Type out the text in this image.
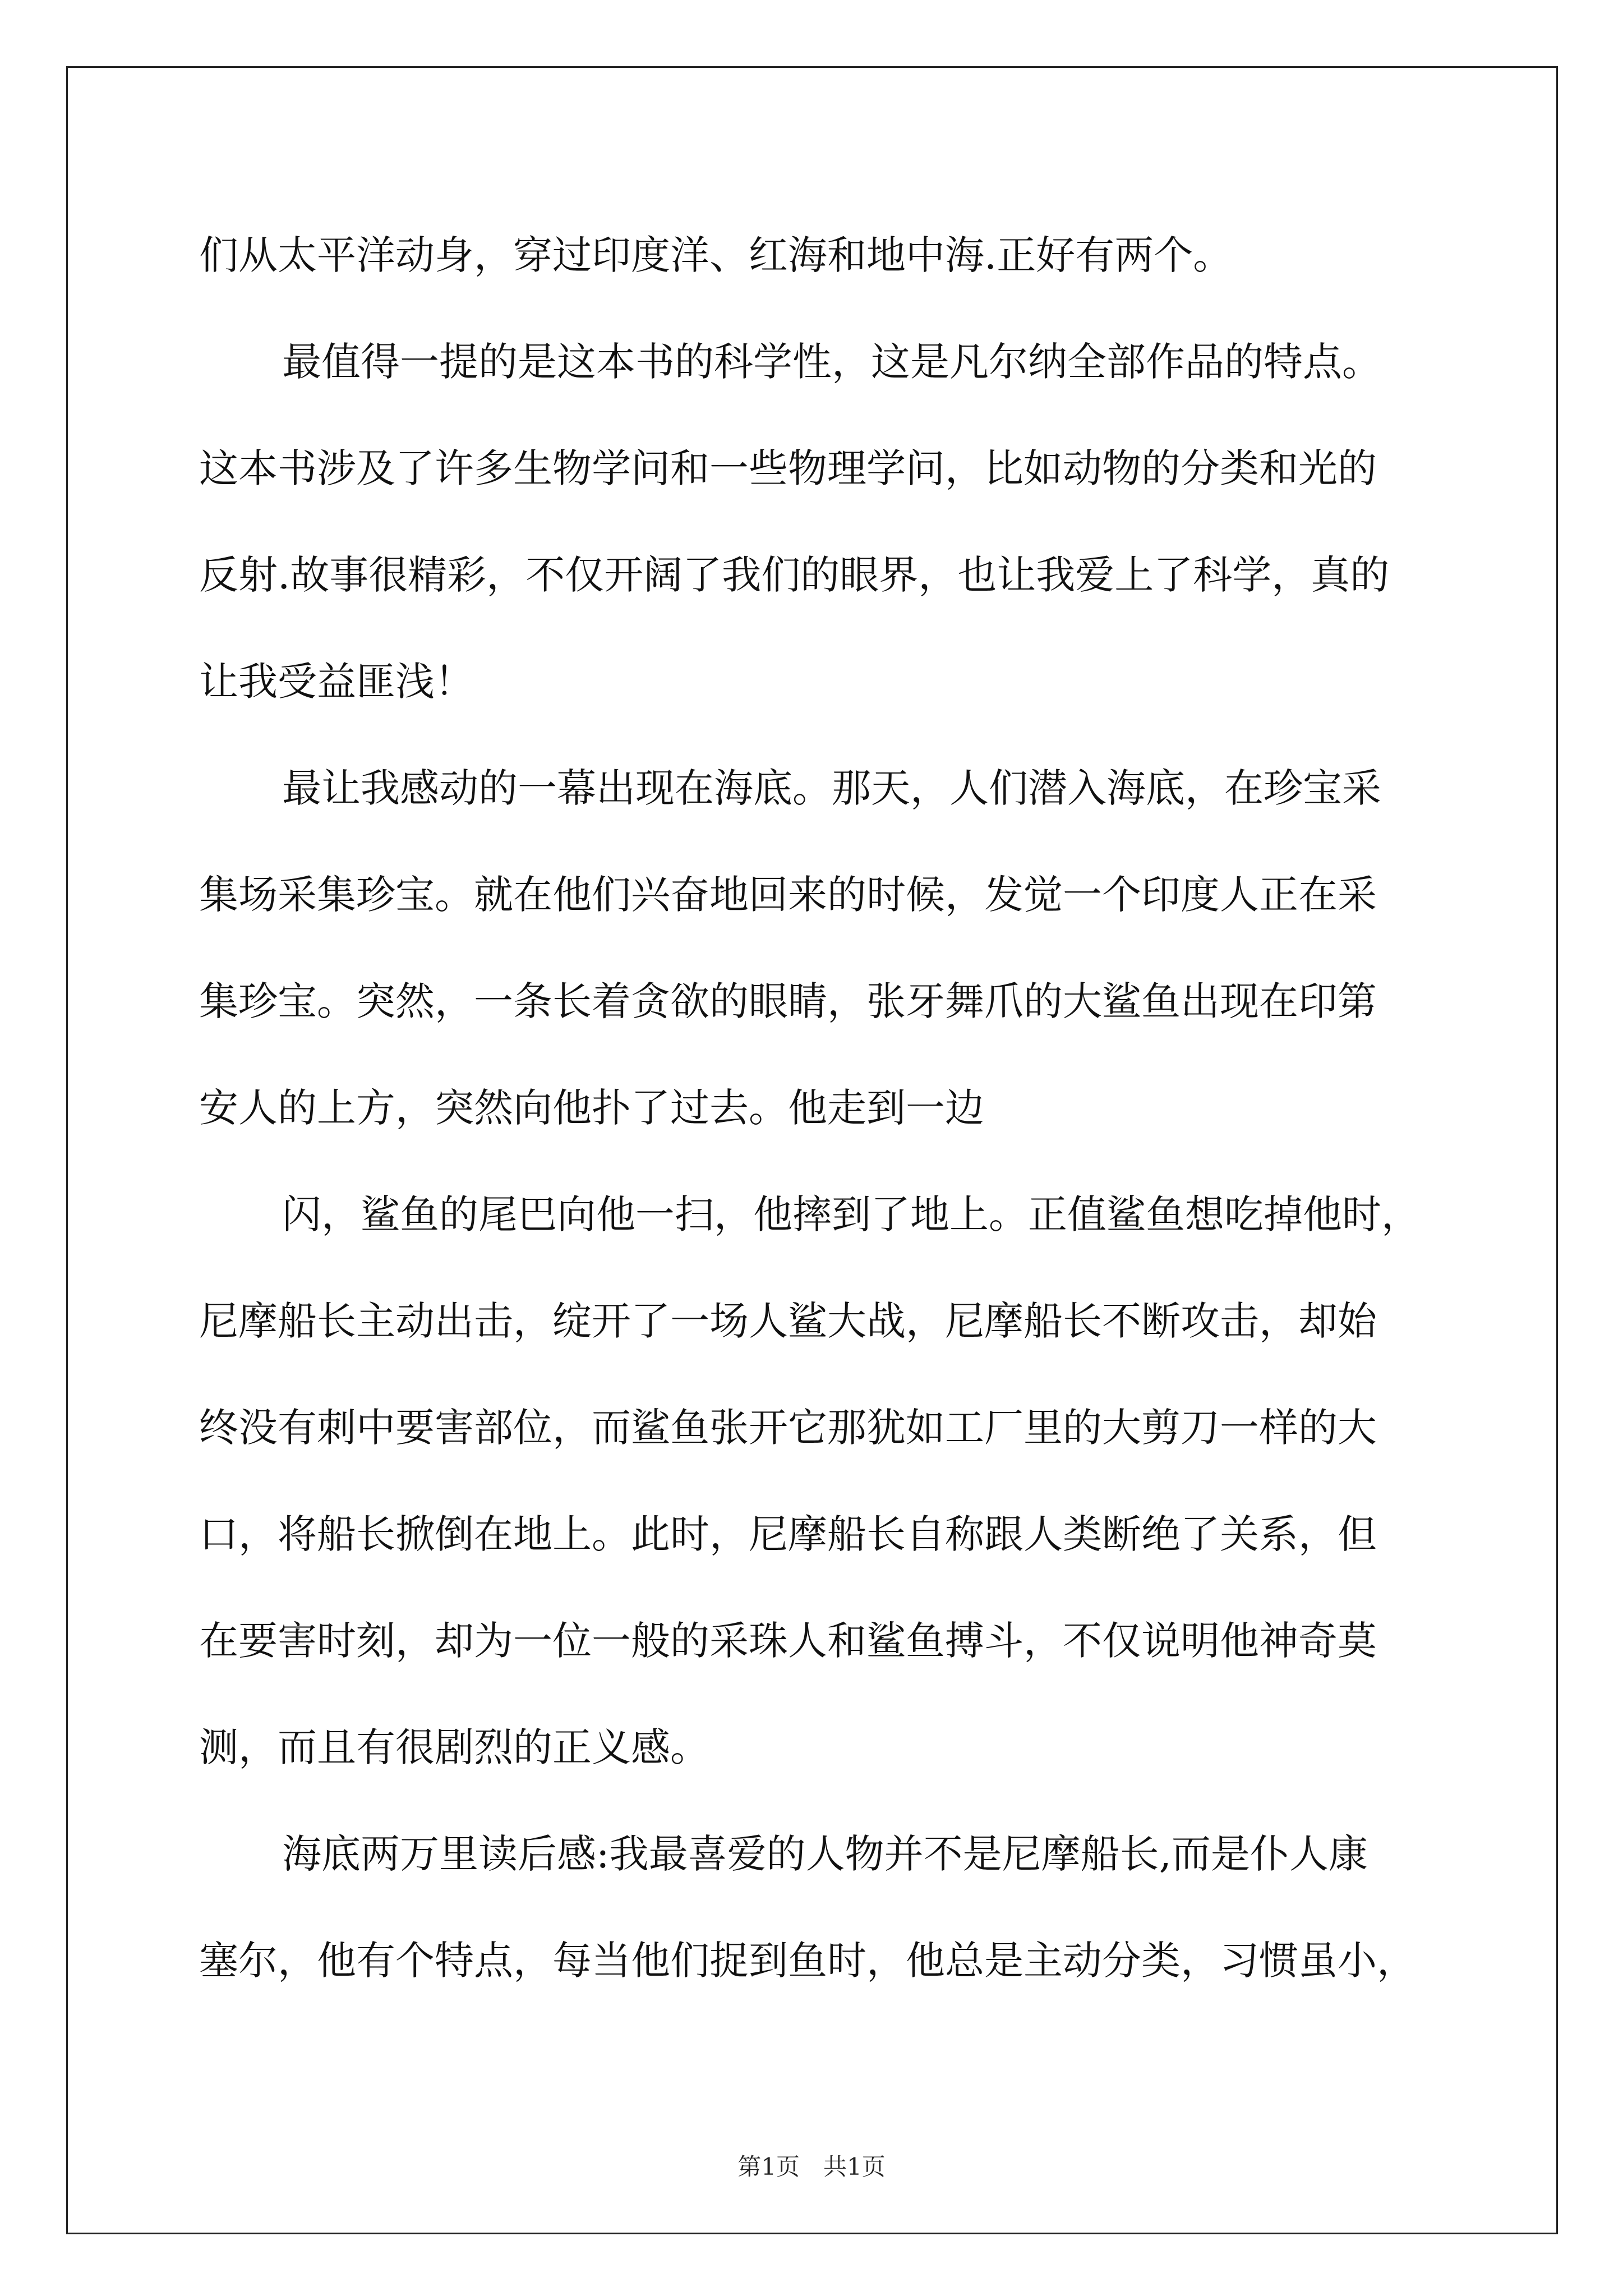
们从太平洋动身，穿过印度洋、红海和地中海.正好有两个。
最值得一提的是这本书的科学性，这是凡尔纳全部作品的特点。
这本书涉及了许多生物学问和一些物理学问，比如动物的分类和光的
反射.故事很精彩，不仅开阔了我们的眼界，也让我爱上了科学，真的
让我受益匪浅！
最让我感动的一幕出现在海底。那天，人们潜入海底，在珍宝采
集场采集珍宝。就在他们兴奋地回来的时候，发觉一个印度人正在采
集珍宝。突然，一条长着贪欲的眼睛，张牙舞爪的大鲨鱼出现在印第
安人的上方，突然向他扑了过去。他走到一边
闪，鲨鱼的尾巴向他一扫，他摔到了地上。正值鲨鱼想吃掉他时，
尼摩船长主动出击，绽开了一场人鲨大战，尼摩船长不断攻击，却始
终没有刺中要害部位，而鲨鱼张开它那犹如工厂里的大剪刀一样的大
口，将船长掀倒在地上。此时，尼摩船长自称跟人类断绝了关系，但
在要害时刻，却为一位一般的采珠人和鲨鱼搏斗，不仅说明他神奇莫
测，而且有很剧烈的正义感。
海底两万里读后感:我最喜爱的人物并不是尼摩船长,而是仆人康
塞尔，他有个特点，每当他们捉到鱼时，他总是主动分类，习惯虽小，
第1页　共1页
